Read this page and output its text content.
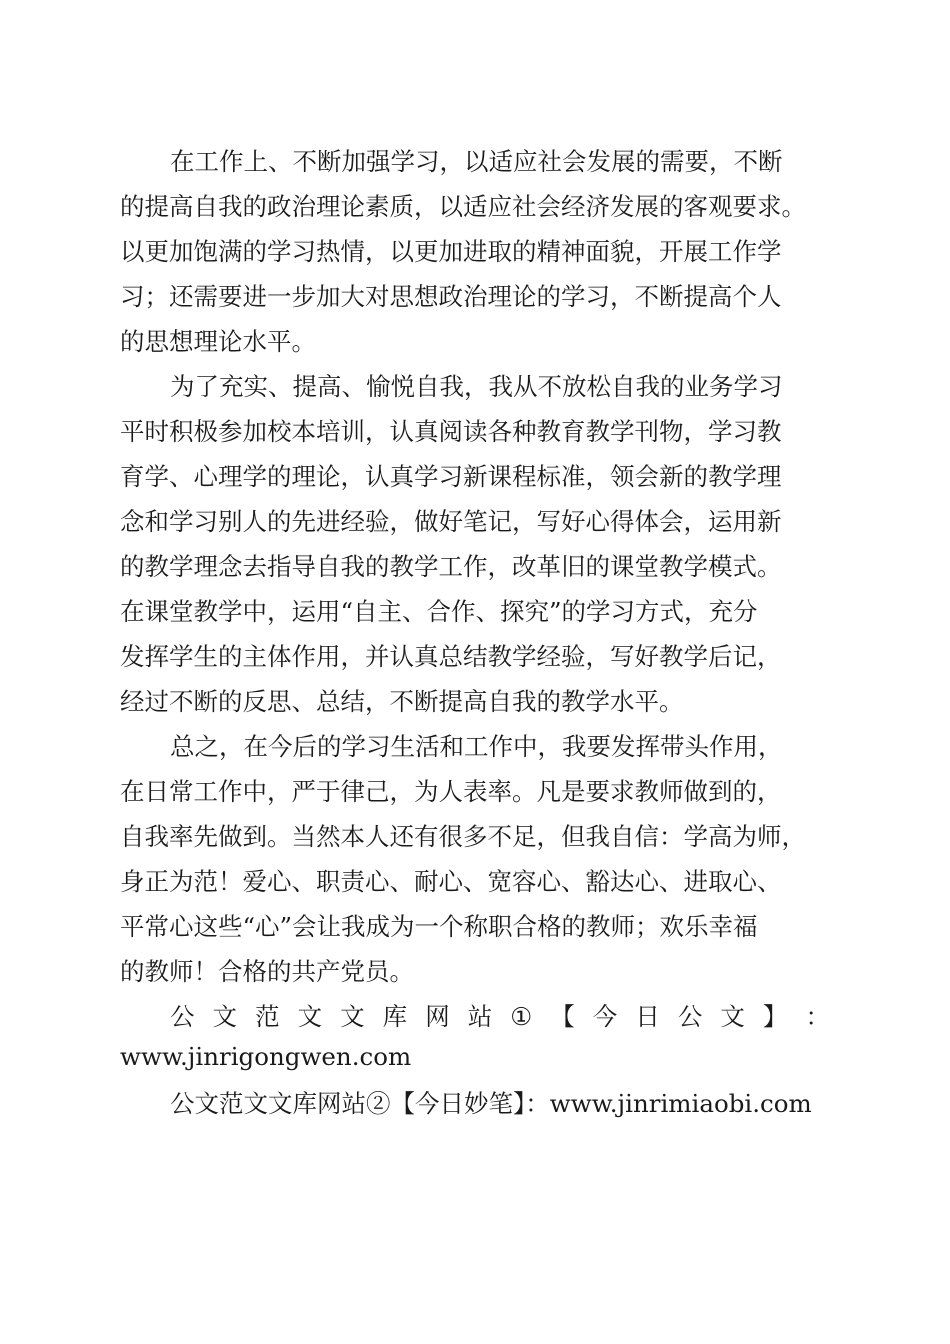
在工作上、不断加强学习，以适应社会发展的需要，不断
的提高自我的政治理论素质，以适应社会经济发展的客观要求。
以更加饱满的学习热情，以更加进取的精神面貌，开展工作学
习；还需要进一步加大对思想政治理论的学习，不断提高个人
的思想理论水平。
为了充实、提高、愉悦自我，我从不放松自我的业务学习
平时积极参加校本培训，认真阅读各种教育教学刊物，学习教
育学、心理学的理论，认真学习新课程标准，领会新的教学理
念和学习别人的先进经验，做好笔记，写好心得体会，运用新
的教学理念去指导自我的教学工作，改革旧的课堂教学模式。
在课堂教学中，运用“自主、合作、探究”的学习方式，充分
发挥学生的主体作用，并认真总结教学经验，写好教学后记，
经过不断的反思、总结，不断提高自我的教学水平。
总之，在今后的学习生活和工作中，我要发挥带头作用，
在日常工作中，严于律己，为人表率。凡是要求教师做到的，
自我率先做到。当然本人还有很多不足，但我自信：学高为师，
身正为范！爱心、职责心、耐心、宽容心、豁达心、进取心、
平常心这些“心”会让我成为一个称职合格的教师；欢乐幸福
的教师！合格的共产党员。
公 文 范 文 文 库 网 站 ① 【 今 日 公 文 】 ：
www.jinrigongwen.com
公文范文文库网站②【今日妙笔】：www.jinrimiaobi.com
